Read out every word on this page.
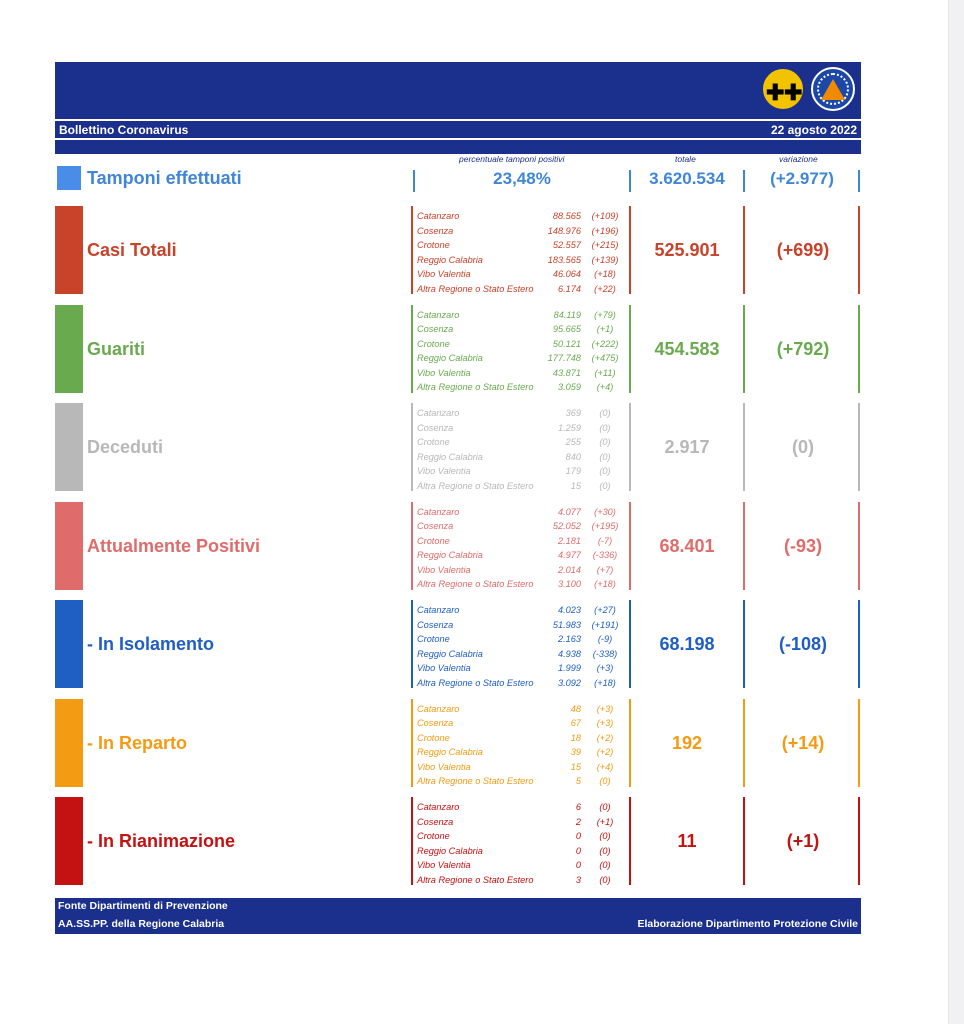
✚ ✚
Bollettino Coronavirus	22 agosto 2022
percentuale tamponi positivi	totale	variazione
Tamponi effettuati	23,48%	3.620.534	(+2.977)
Casi Totali
Catanzaro	88.565	(+109)
Cosenza	148.976	(+196)
Crotone	52.557	(+215)
Reggio Calabria	183.565	(+139)
Vibo Valentia	46.064	(+18)
Altra Regione o Stato Estero	6.174	(+22)
525.901	(+699)
Guariti
Catanzaro	84.119	(+79)
Cosenza	95.665	(+1)
Crotone	50.121	(+222)
Reggio Calabria	177.748	(+475)
Vibo Valentia	43.871	(+11)
Altra Regione o Stato Estero	3.059	(+4)
454.583	(+792)
Deceduti
Catanzaro	369	(0)
Cosenza	1.259	(0)
Crotone	255	(0)
Reggio Calabria	840	(0)
Vibo Valentia	179	(0)
Altra Regione o Stato Estero	15	(0)
2.917	(0)
Attualmente Positivi
Catanzaro	4.077	(+30)
Cosenza	52.052	(+195)
Crotone	2.181	(-7)
Reggio Calabria	4.977	(-336)
Vibo Valentia	2.014	(+7)
Altra Regione o Stato Estero	3.100	(+18)
68.401	(-93)
- In Isolamento
Catanzaro	4.023	(+27)
Cosenza	51.983	(+191)
Crotone	2.163	(-9)
Reggio Calabria	4.938	(-338)
Vibo Valentia	1.999	(+3)
Altra Regione o Stato Estero	3.092	(+18)
68.198	(-108)
- In Reparto
Catanzaro	48	(+3)
Cosenza	67	(+3)
Crotone	18	(+2)
Reggio Calabria	39	(+2)
Vibo Valentia	15	(+4)
Altra Regione o Stato Estero	5	(0)
192	(+14)
- In Rianimazione
Catanzaro	6	(0)
Cosenza	2	(+1)
Crotone	0	(0)
Reggio Calabria	0	(0)
Vibo Valentia	0	(0)
Altra Regione o Stato Estero	3	(0)
11	(+1)
Fonte Dipartimenti di Prevenzione
AA.SS.PP. della Regione Calabria	Elaborazione Dipartimento Protezione Civile
